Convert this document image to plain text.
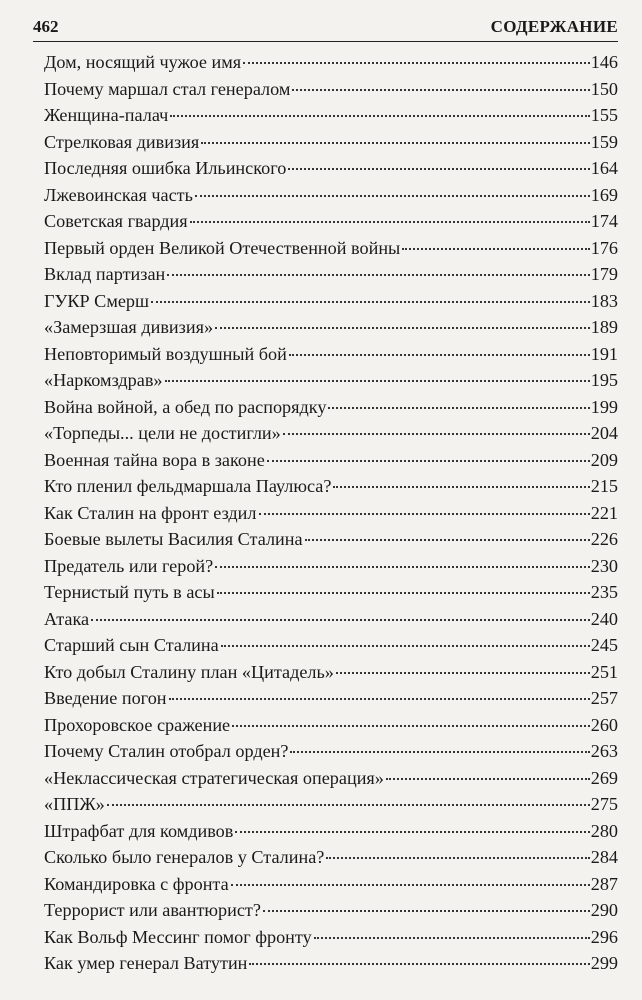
462	СОДЕРЖАНИЕ
Дом, носящий чужое имя	146
Почему маршал стал генералом	150
Женщина-палач	155
Стрелковая дивизия	159
Последняя ошибка Ильинского	164
Лжевоинская часть	169
Советская гвардия	174
Первый орден Великой Отечественной войны	176
Вклад партизан	179
ГУКР Смерш	183
«Замерзшая дивизия»	189
Неповторимый воздушный бой	191
«Наркомздрав»	195
Война войной, а обед по распорядку	199
«Торпеды... цели не достигли»	204
Военная тайна вора в законе	209
Кто пленил фельдмаршала Паулюса?	215
Как Сталин на фронт ездил	221
Боевые вылеты Василия Сталина	226
Предатель или герой?	230
Тернистый путь в асы	235
Атака	240
Старший сын Сталина	245
Кто добыл Сталину план «Цитадель»	251
Введение погон	257
Прохоровское сражение	260
Почему Сталин отобрал орден?	263
«Неклассическая стратегическая операция»	269
«ППЖ»	275
Штрафбат для комдивов	280
Сколько было генералов у Сталина?	284
Командировка с фронта	287
Террорист или авантюрист?	290
Как Вольф Мессинг помог фронту	296
Как умер генерал Ватутин	299
